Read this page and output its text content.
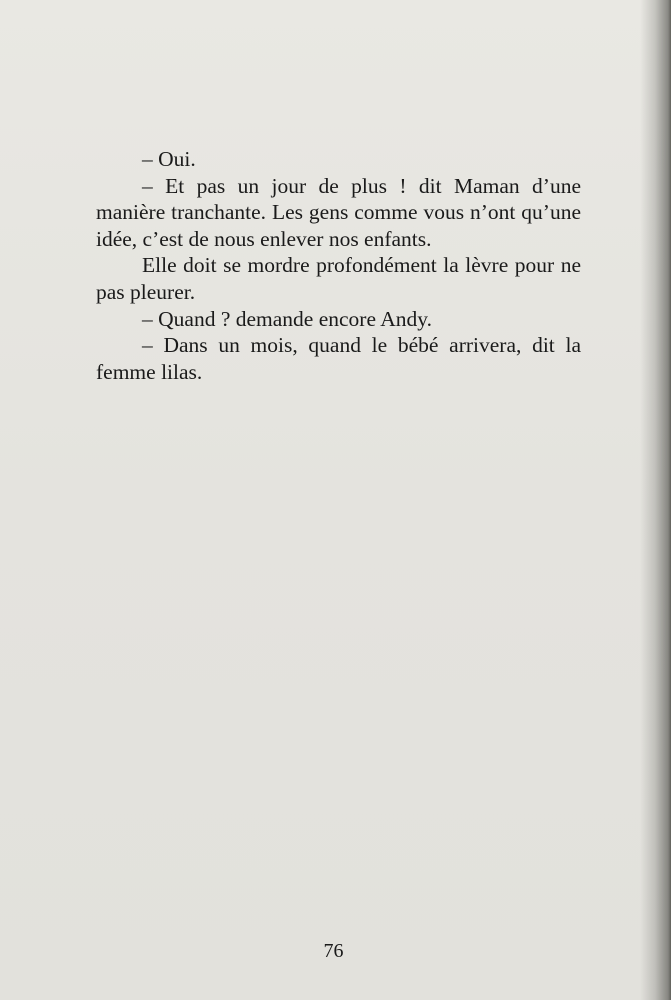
– Oui.

– Et pas un jour de plus ! dit Maman d’une manière tranchante. Les gens comme vous n’ont qu’une idée, c’est de nous enlever nos enfants.

Elle doit se mordre profondément la lèvre pour ne pas pleurer.

– Quand ? demande encore Andy.

– Dans un mois, quand le bébé arrivera, dit la femme lilas.

76
